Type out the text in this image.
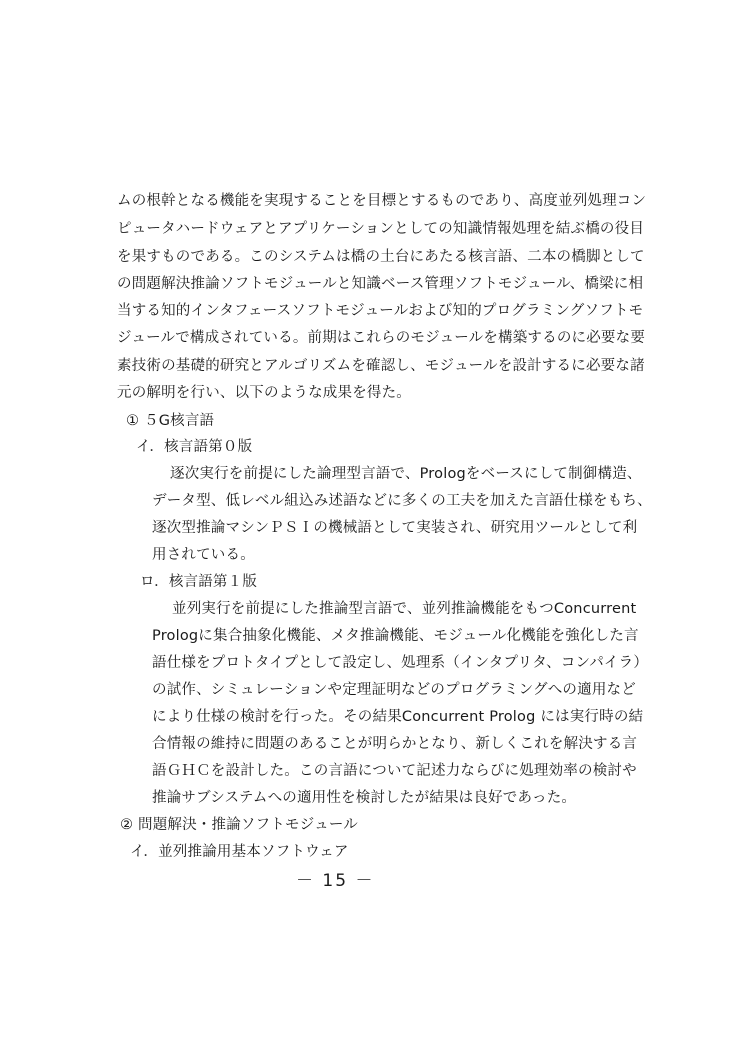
ムの根幹となる機能を実現することを目標とするものであり、高度並列処理コン
ピュータハードウェアとアプリケーションとしての知識情報処理を結ぶ橋の役目
を果すものである。このシステムは橋の土台にあたる核言語、二本の橋脚として
の問題解決推論ソフトモジュールと知識ベース管理ソフトモジュール、橋梁に相
当する知的インタフェースソフトモジュールおよび知的プログラミングソフトモ
ジュールで構成されている。前期はこれらのモジュールを構築するのに必要な要
素技術の基礎的研究とアルゴリズムを確認し、モジュールを設計するに必要な諸
元の解明を行い、以下のような成果を得た。
① ５G核言語
イ．核言語第０版
逐次実行を前提にした論理型言語で、Prologをベースにして制御構造、
データ型、低レベル組込み述語などに多くの工夫を加えた言語仕様をもち、
逐次型推論マシンＰＳＩの機械語として実装され、研究用ツールとして利
用されている。
ロ．核言語第１版
並列実行を前提にした推論型言語で、並列推論機能をもつConcurrent
Prologに集合抽象化機能、メタ推論機能、モジュール化機能を強化した言
語仕様をプロトタイプとして設定し、処理系（インタプリタ、コンパイラ）
の試作、シミュレーションや定理証明などのプログラミングへの適用など
により仕様の検討を行った。その結果Concurrent Prolog には実行時の結
合情報の維持に問題のあることが明らかとなり、新しくこれを解決する言
語ＧＨＣを設計した。この言語について記述力ならびに処理効率の検討や
推論サブシステムへの適用性を検討したが結果は良好であった。
② 問題解決・推論ソフトモジュール
イ．並列推論用基本ソフトウェア
－ 15 －
